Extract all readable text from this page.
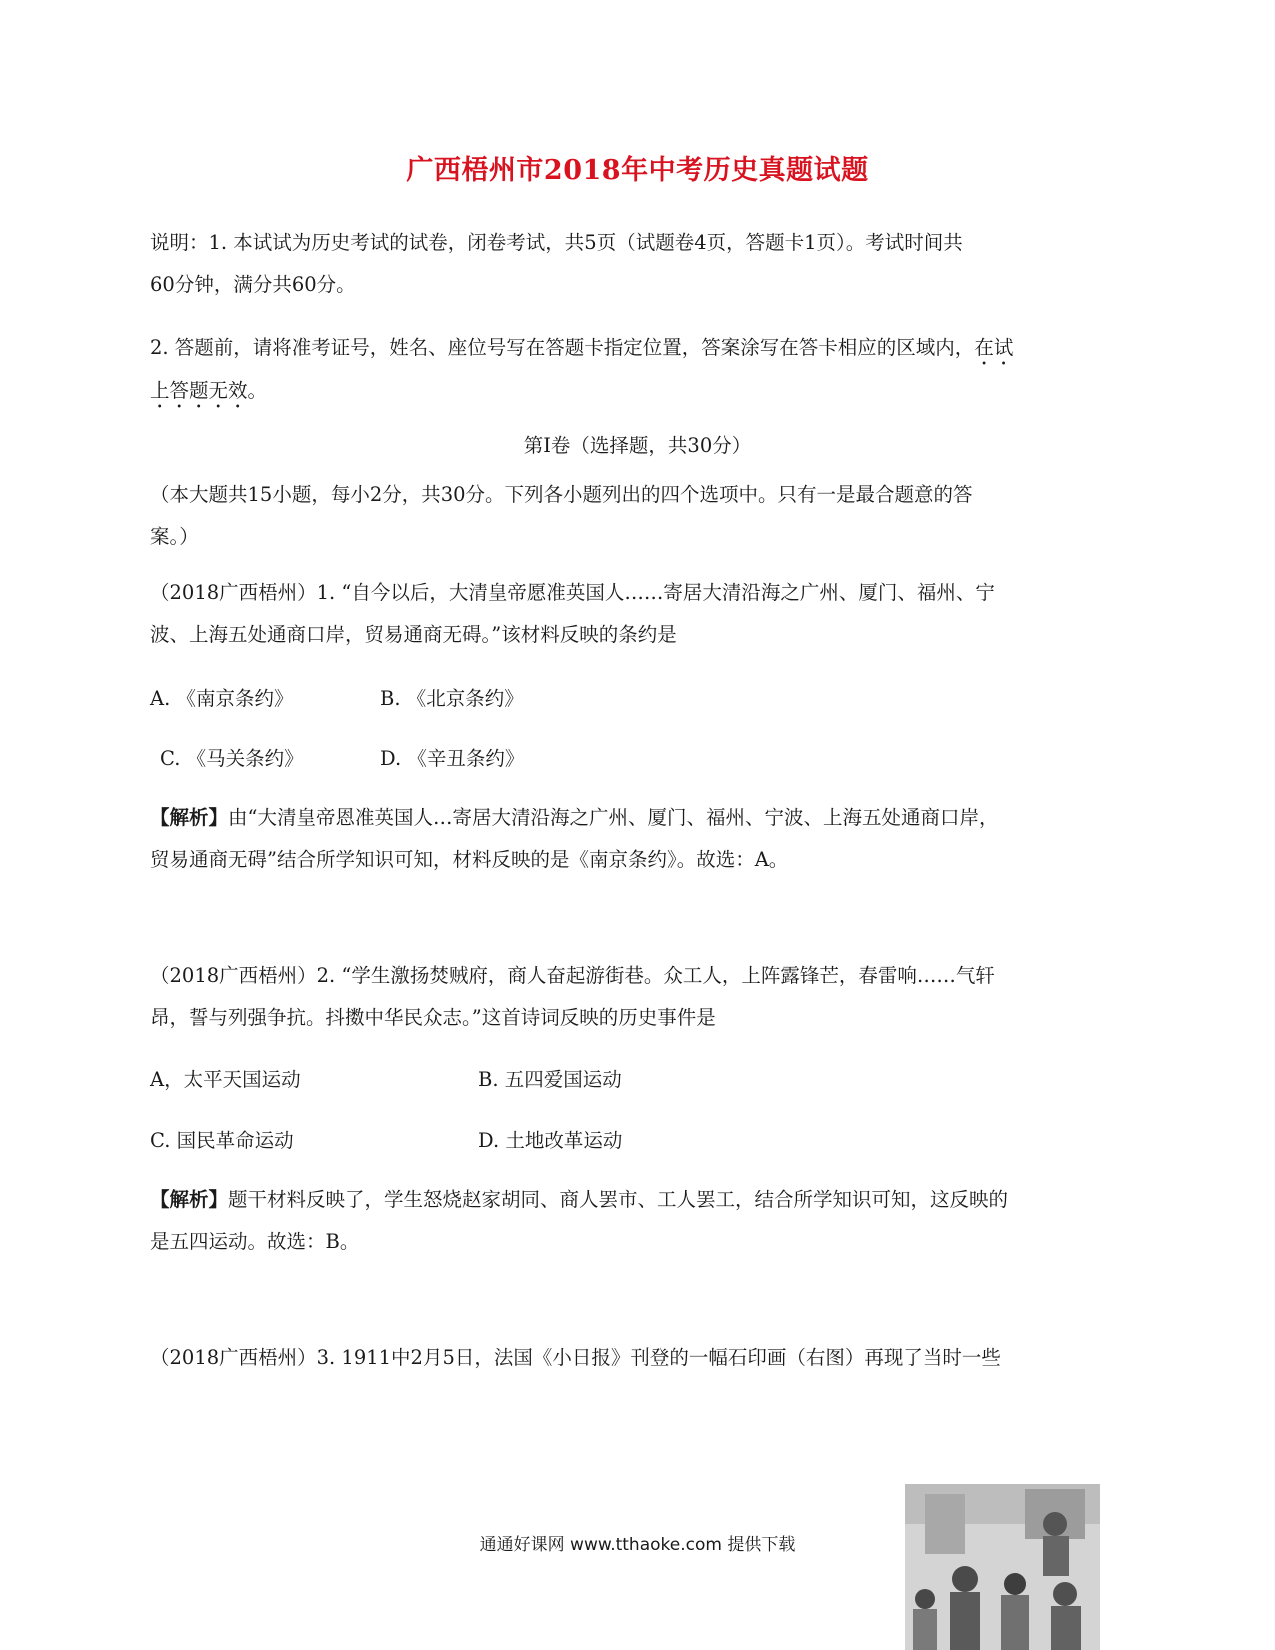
广西梧州市2018年中考历史真题试题
说明：1. 本试试为历史考试的试卷，闭卷考试，共5页（试题卷4页，答题卡1页）。考试时间共
60分钟，满分共60分。
2. 答题前，请将准考证号，姓名、座位号写在答题卡指定位置，答案涂写在答卡相应的区域内，在试
上答题无效。
第Ⅰ卷（选择题，共30分）
（本大题共15小题，每小2分，共30分。下列各小题列出的四个选项中。只有一是最合题意的答
案。）
（2018广西梧州）1. “自今以后，大清皇帝愿准英国人……寄居大清沿海之广州、厦门、福州、宁
波、上海五处通商口岸，贸易通商无碍。”该材料反映的条约是
A. 《南京条约》	B. 《北京条约》
C. 《马关条约》	D. 《辛丑条约》
【解析】由“大清皇帝恩准英国人…寄居大清沿海之广州、厦门、福州、宁波、上海五处通商口岸，
贸易通商无碍”结合所学知识可知，材料反映的是《南京条约》。故选：A。
（2018广西梧州）2. “学生激扬焚贼府，商人奋起游街巷。众工人，上阵露锋芒，春雷响……气轩
昂，誓与列强争抗。抖擞中华民众志。”这首诗词反映的历史事件是
A，太平天国运动	B. 五四爱国运动
C. 国民革命运动	D. 土地改革运动
【解析】题干材料反映了，学生怒烧赵家胡同、商人罢市、工人罢工，结合所学知识可知，这反映的
是五四运动。故选：B。
（2018广西梧州）3. 1911中2月5日，法国《小日报》刊登的一幅石印画（右图）再现了当时一些
通通好课网 www.tthaoke.com 提供下载
